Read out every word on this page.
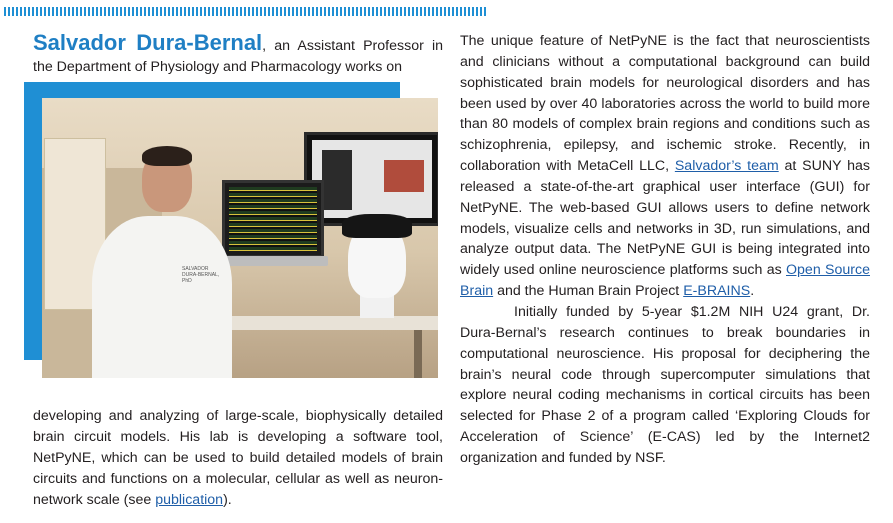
Salvador Dura-Bernal, an Assistant Professor in the Department of Physiology and Pharmacology works on

SALVADOR DURA-BERNAL, PhD

developing and analyzing of large-scale, biophysically detailed brain circuit models. His lab is developing a software tool, NetPyNE, which can be used to build detailed models of brain circuits and functions on a molecular, cellular as well as neuron-network scale (see publication).

The unique feature of NetPyNE is the fact that neuroscientists and clinicians without a computational background can build sophisticated brain models for neurological disorders and has been used by over 40 laboratories across the world to build more than 80 models of complex brain regions and conditions such as schizophrenia, epilepsy, and ischemic stroke. Recently, in collaboration with MetaCell LLC, Salvador’s team at SUNY has released a state-of-the-art graphical user interface (GUI) for NetPyNE. The web-based GUI allows users to define network models, visualize cells and networks in 3D, run simulations, and analyze output data. The NetPyNE GUI is being integrated into widely used online neuroscience platforms such as Open Source Brain and the Human Brain Project E-BRAINS.

Initially funded by 5-year $1.2M NIH U24 grant, Dr. Dura-Bernal’s research continues to break boundaries in computational neuroscience. His proposal for deciphering the brain’s neural code through supercomputer simulations that explore neural coding mechanisms in cortical circuits has been selected for Phase 2 of a program called ‘Exploring Clouds for Acceleration of Science’ (E-CAS) led by the Internet2 organization and funded by NSF.
